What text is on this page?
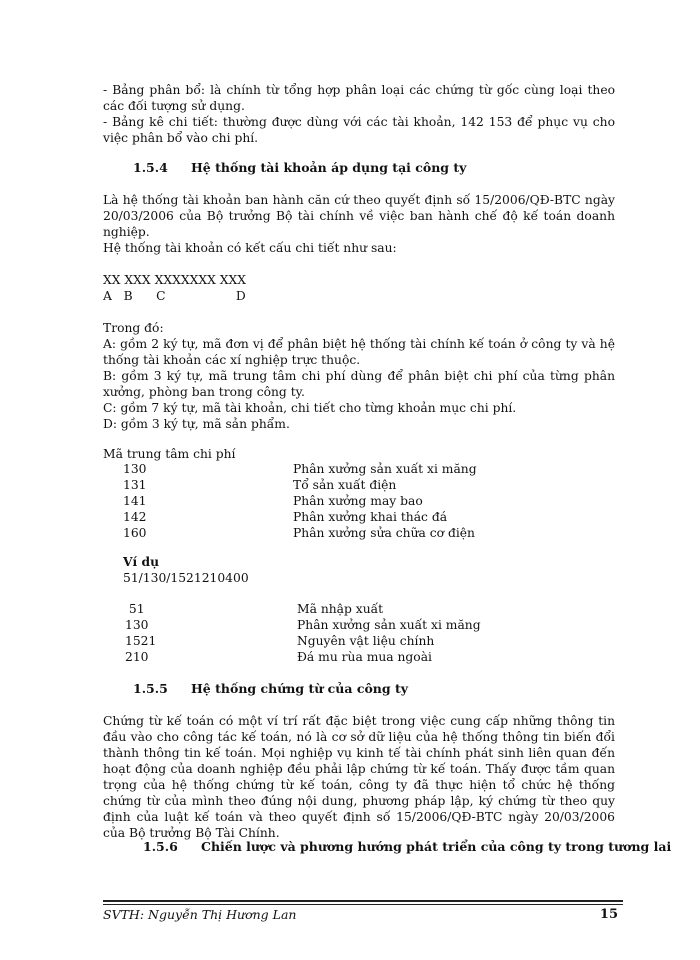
- Bảng phân bổ: là chính từ tổng hợp phân loại các chứng từ gốc cùng loại theo các đối tượng sử dụng.

- Bảng kê chi tiết: thường được dùng với các tài khoản, 142 153 để phục vụ cho việc phân bổ vào chi phí.

1.5.4 Hệ thống tài khoản áp dụng tại công ty

Là hệ thống tài khoản ban hành căn cứ theo quyết định số 15/2006/QĐ-BTC ngày 20/03/2006 của Bộ trưởng Bộ tài chính về việc ban hành chế độ kế toán doanh nghiệp.

Hệ thống tài khoản có kết cấu chi tiết như sau:

XX XXX XXXXXXX XXX
A   B      C                  D
Trong đó:

A: gồm 2 ký tự, mã đơn vị để phân biệt hệ thống tài chính kế toán ở công ty và hệ thống tài khoản các xí nghiệp trực thuộc.

B: gồm 3 ký tự, mã trung tâm chi phí dùng để phân biệt chi phí của từng phân xưởng, phòng ban trong công ty.

C: gồm 7 ký tự, mã tài khoản, chi tiết cho từng khoản mục chi phí.

D: gồm 3 ký tự, mã sản phẩm.

Mã trung tâm chi phí
130	Phân xưởng sản xuất xi măng
131	Tổ sản xuất điện
141	Phân xưởng may bao
142	Phân xưởng khai thác đá
160	Phân xưởng sửa chữa cơ điện
Ví dụ
51/130/1521210400
51	Mã nhập xuất
130	Phân xưởng sản xuất xi măng
1521	Nguyên vật liệu chính
210	Đá mu rùa mua ngoài
1.5.5 Hệ thống chứng từ của công ty

Chứng từ kế toán có một ví trí rất đặc biệt trong việc cung cấp những thông tin đầu vào cho công tác kế toán, nó là cơ sở dữ liệu của hệ thống thông tin biến đổi thành thông tin kế toán. Mọi nghiệp vụ kinh tế tài chính phát sinh liên quan đến hoạt động của doanh nghiệp đều phải lập chứng từ kế toán. Thấy được tầm quan trọng của hệ thống chứng từ kế toán, công ty đã thực hiện tổ chức hệ thống chứng từ của mình theo đúng nội dung, phương pháp lập, ký chứng từ theo quy định của luật kế toán và theo quyết định số 15/2006/QĐ-BTC ngày 20/03/2006 của Bộ trưởng Bộ Tài Chính.

1.5.6 Chiến lược và phương hướng phát triển của công ty trong tương lai
SVTH: Nguyễn Thị Hương Lan	15
